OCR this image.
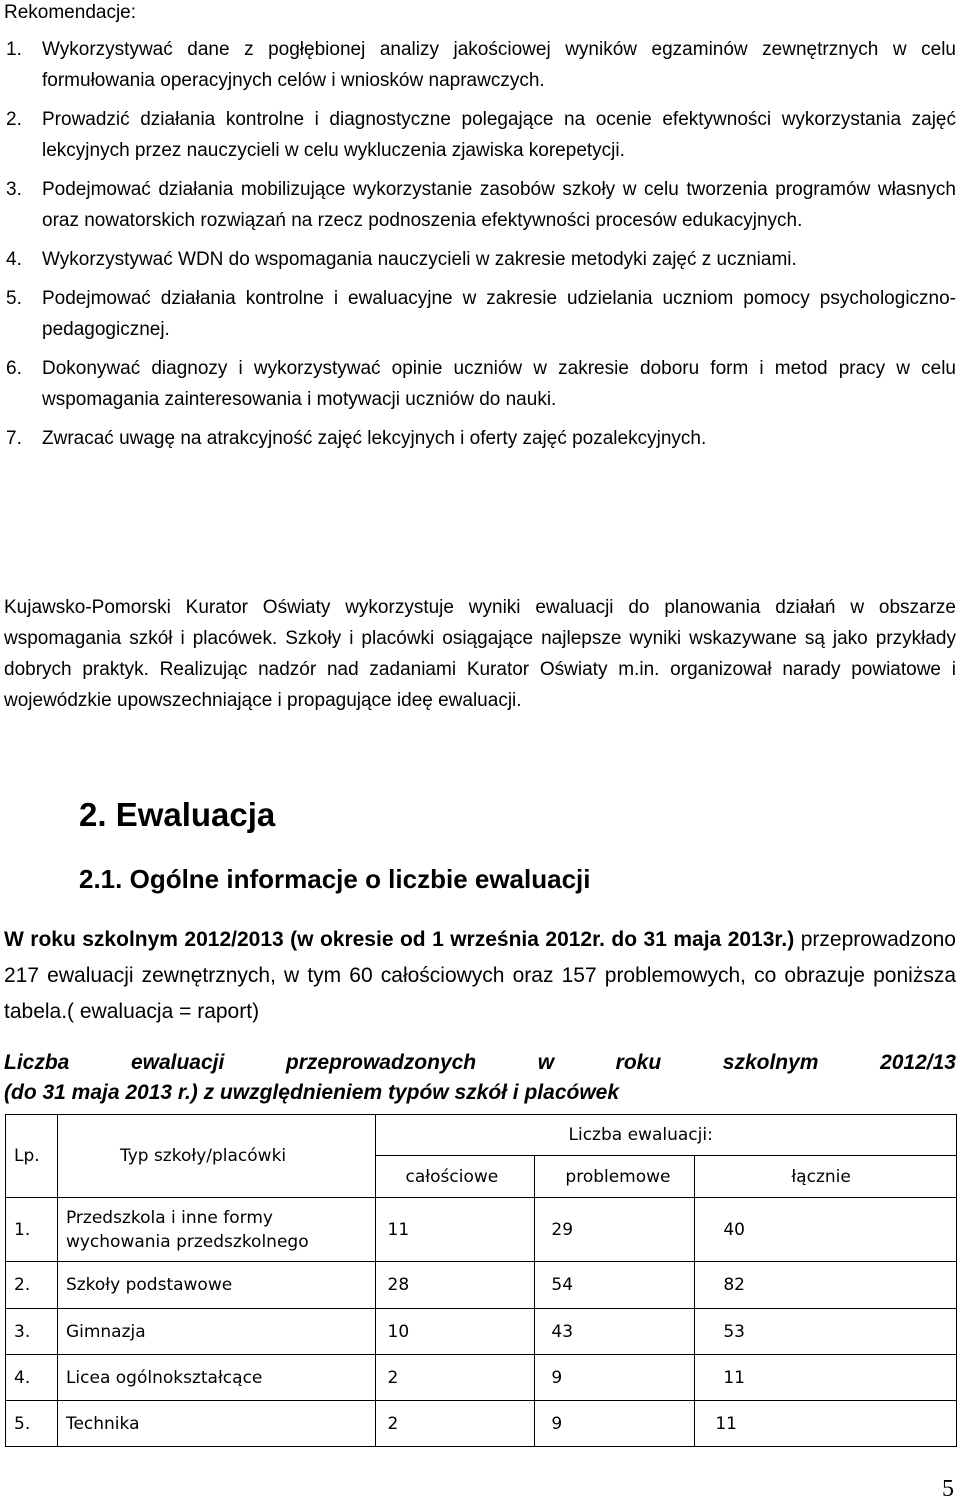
Rekomendacje:
1. Wykorzystywać dane z pogłębionej analizy jakościowej wyników egzaminów zewnętrznych w celu formułowania operacyjnych celów i wniosków naprawczych.
2. Prowadzić działania kontrolne i diagnostyczne polegające na ocenie efektywności wykorzystania zajęć lekcyjnych przez nauczycieli w celu wykluczenia zjawiska korepetycji.
3. Podejmować działania mobilizujące wykorzystanie zasobów szkoły w celu tworzenia programów własnych oraz nowatorskich rozwiązań na rzecz podnoszenia efektywności procesów edukacyjnych.
4. Wykorzystywać WDN do wspomagania nauczycieli w zakresie metodyki zajęć z uczniami.
5. Podejmować działania kontrolne i ewaluacyjne w zakresie udzielania uczniom pomocy psychologiczno-pedagogicznej.
6. Dokonywać diagnozy i wykorzystywać opinie uczniów w zakresie doboru form i metod pracy w celu wspomagania zainteresowania i motywacji uczniów do nauki.
7. Zwracać uwagę na atrakcyjność zajęć lekcyjnych i oferty zajęć pozalekcyjnych.
Kujawsko-Pomorski Kurator Oświaty wykorzystuje wyniki ewaluacji do planowania działań w obszarze wspomagania szkół i placówek. Szkoły i placówki osiągające najlepsze wyniki wskazywane są jako przykłady dobrych praktyk. Realizując nadzór nad zadaniami Kurator Oświaty m.in. organizował narady powiatowe i wojewódzkie upowszechniające i propagujące ideę ewaluacji.
2. Ewaluacja
2.1. Ogólne informacje o liczbie ewaluacji
W roku szkolnym 2012/2013 (w okresie od 1 września 2012r. do 31 maja 2013r.) przeprowadzono 217 ewaluacji zewnętrznych, w tym 60 całościowych oraz 157 problemowych, co obrazuje poniższa tabela.( ewaluacja = raport)
Liczba ewaluacji przeprowadzonych w roku szkolnym 2012/13
(do 31 maja 2013 r.) z uwzględnieniem typów szkół i placówek
Lp.	Typ szkoły/placówki	Liczba ewaluacji:		
		całościowe	problemowe	łącznie
1.	Przedszkola i inne formy wychowania przedszkolnego	11	29	40
2.	Szkoły podstawowe	28	54	82
3.	Gimnazja	10	43	53
4.	Licea ogólnokształcące	2	9	11
5.	Technika	2	9	11
5
